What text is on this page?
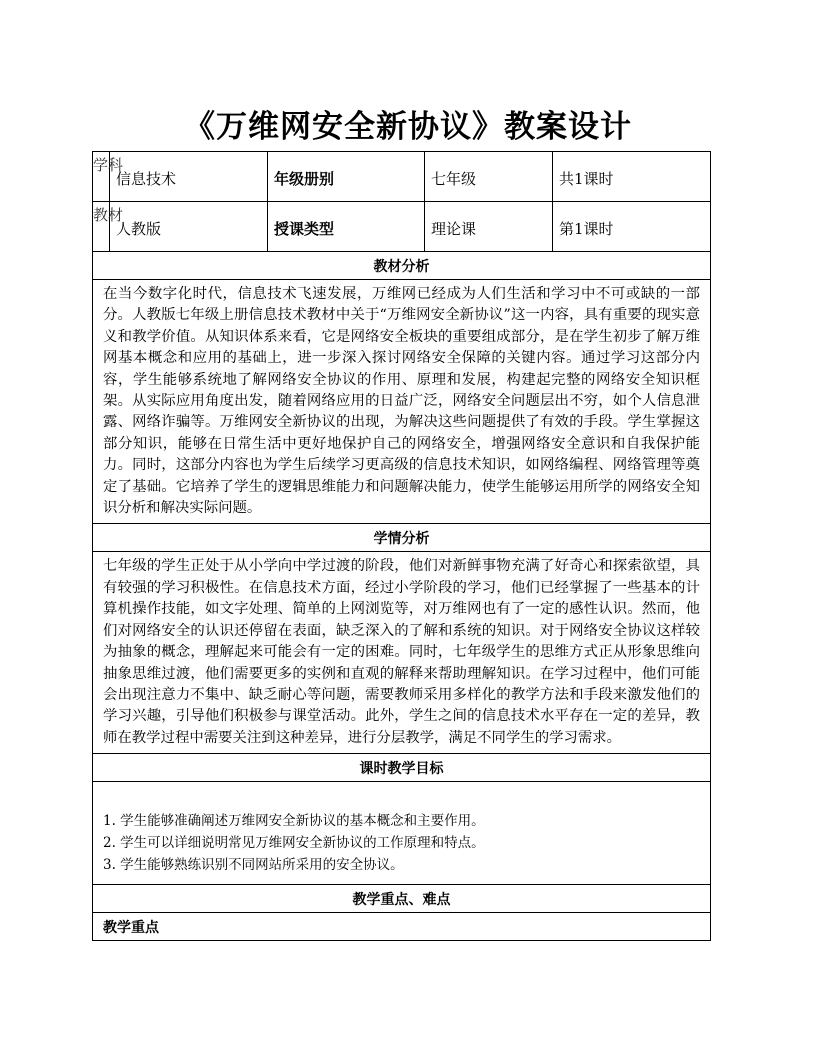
《万维网安全新协议》教案设计
学科	信息技术	年级册别	七年级	共1课时

教材	人教版	授课类型	理论课	第1课时

教材分析				
在当今数字化时代，信息技术飞速发展，万维网已经成为人们生活和学习中不可或缺的一部分。人教版七年级上册信息技术教材中关于“万维网安全新协议”这一内容，具有重要的现实意义和教学价值。从知识体系来看，它是网络安全板块的重要组成部分，是在学生初步了解万维网基本概念和应用的基础上，进一步深入探讨网络安全保障的关键内容。通过学习这部分内容，学生能够系统地了解网络安全协议的作用、原理和发展，构建起完整的网络安全知识框架。从实际应用角度出发，随着网络应用的日益广泛，网络安全问题层出不穷，如个人信息泄露、网络诈骗等。万维网安全新协议的出现，为解决这些问题提供了有效的手段。学生掌握这部分知识，能够在日常生活中更好地保护自己的网络安全，增强网络安全意识和自我保护能力。同时，这部分内容也为学生后续学习更高级的信息技术知识，如网络编程、网络管理等奠定了基础。它培养了学生的逻辑思维能力和问题解决能力，使学生能够运用所学的网络安全知识分析和解决实际问题。				
学情分析				
七年级的学生正处于从小学向中学过渡的阶段，他们对新鲜事物充满了好奇心和探索欲望，具有较强的学习积极性。在信息技术方面，经过小学阶段的学习，他们已经掌握了一些基本的计算机操作技能，如文字处理、简单的上网浏览等，对万维网也有了一定的感性认识。然而，他们对网络安全的认识还停留在表面，缺乏深入的了解和系统的知识。对于网络安全协议这样较为抽象的概念，理解起来可能会有一定的困难。同时，七年级学生的思维方式正从形象思维向抽象思维过渡，他们需要更多的实例和直观的解释来帮助理解知识。在学习过程中，他们可能会出现注意力不集中、缺乏耐心等问题，需要教师采用多样化的教学方法和手段来激发他们的学习兴趣，引导他们积极参与课堂活动。此外，学生之间的信息技术水平存在一定的差异，教师在教学过程中需要关注到这种差异，进行分层教学，满足不同学生的学习需求。				
课时教学目标				

1. 学生能够准确阐述万维网安全新协议的基本概念和主要作用。
2. 学生可以详细说明常见万维网安全新协议的工作原理和特点。
3. 学生能够熟练识别不同网站所采用的安全协议。				

教学重点、难点				
教学重点				
